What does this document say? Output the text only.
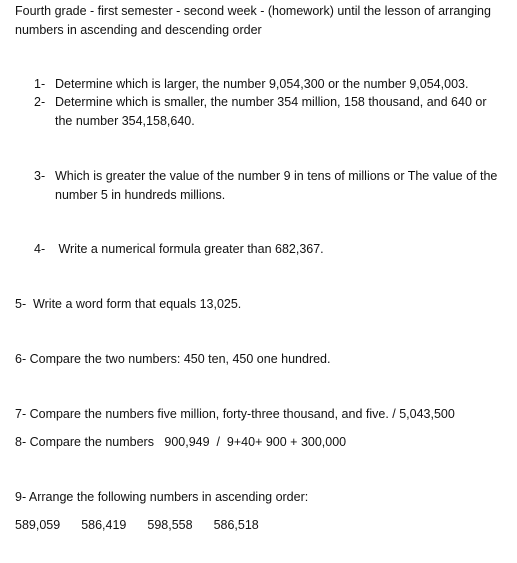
Fourth grade - first semester - second week - (homework) until the lesson of arranging numbers in ascending and descending order
1- Determine which is larger, the number 9,054,300 or the number 9,054,003.
2- Determine which is smaller, the number 354 million, 158 thousand, and 640 or the number 354,158,640.
3- Which is greater the value of the number 9 in tens of millions or The value of the number 5 in hundreds millions.
4- Write a numerical formula greater than 682,367.
5-  Write a word form that equals 13,025.
6- Compare the two numbers: 450 ten, 450 one hundred.
7- Compare the numbers five million, forty-three thousand, and five. / 5,043,500
8- Compare the numbers   900,949  /  9+40+ 900 + 300,000
9- Arrange the following numbers in ascending order:
589,059 586,419 598,558 586,518
